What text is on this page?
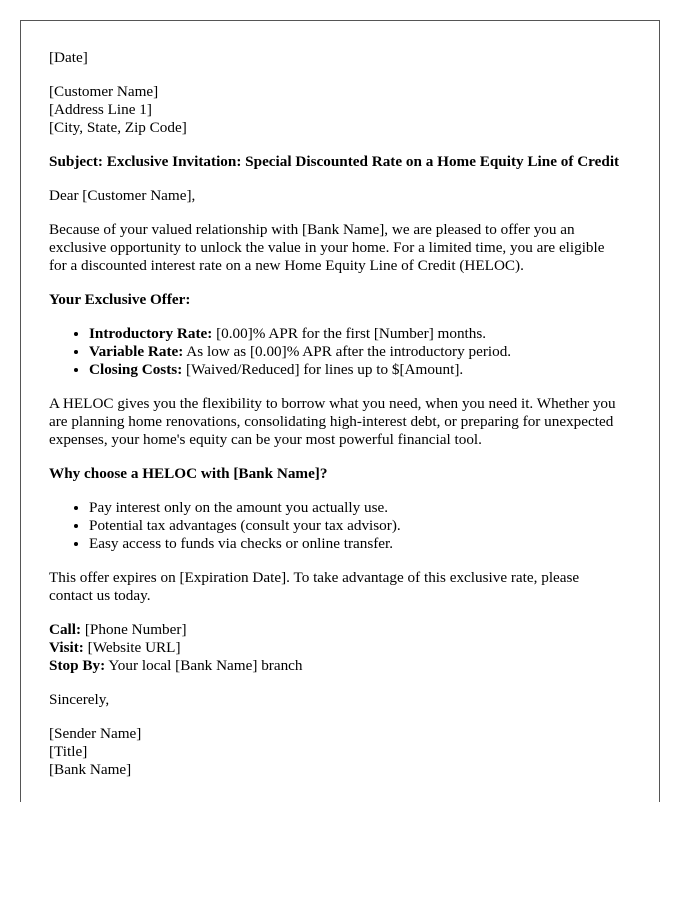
[Date]

[Customer Name]
[Address Line 1]
[City, State, Zip Code]

Subject: Exclusive Invitation: Special Discounted Rate on a Home Equity Line of Credit

Dear [Customer Name],

Because of your valued relationship with [Bank Name], we are pleased to offer you an exclusive opportunity to unlock the value in your home. For a limited time, you are eligible for a discounted interest rate on a new Home Equity Line of Credit (HELOC).

Your Exclusive Offer:

• Introductory Rate: [0.00]% APR for the first [Number] months.
• Variable Rate: As low as [0.00]% APR after the introductory period.
• Closing Costs: [Waived/Reduced] for lines up to $[Amount].

A HELOC gives you the flexibility to borrow what you need, when you need it. Whether you are planning home renovations, consolidating high-interest debt, or preparing for unexpected expenses, your home's equity can be your most powerful financial tool.

Why choose a HELOC with [Bank Name]?

• Pay interest only on the amount you actually use.
• Potential tax advantages (consult your tax advisor).
• Easy access to funds via checks or online transfer.

This offer expires on [Expiration Date]. To take advantage of this exclusive rate, please contact us today.

Call: [Phone Number]
Visit: [Website URL]
Stop By: Your local [Bank Name] branch

Sincerely,

[Sender Name]
[Title]
[Bank Name]
